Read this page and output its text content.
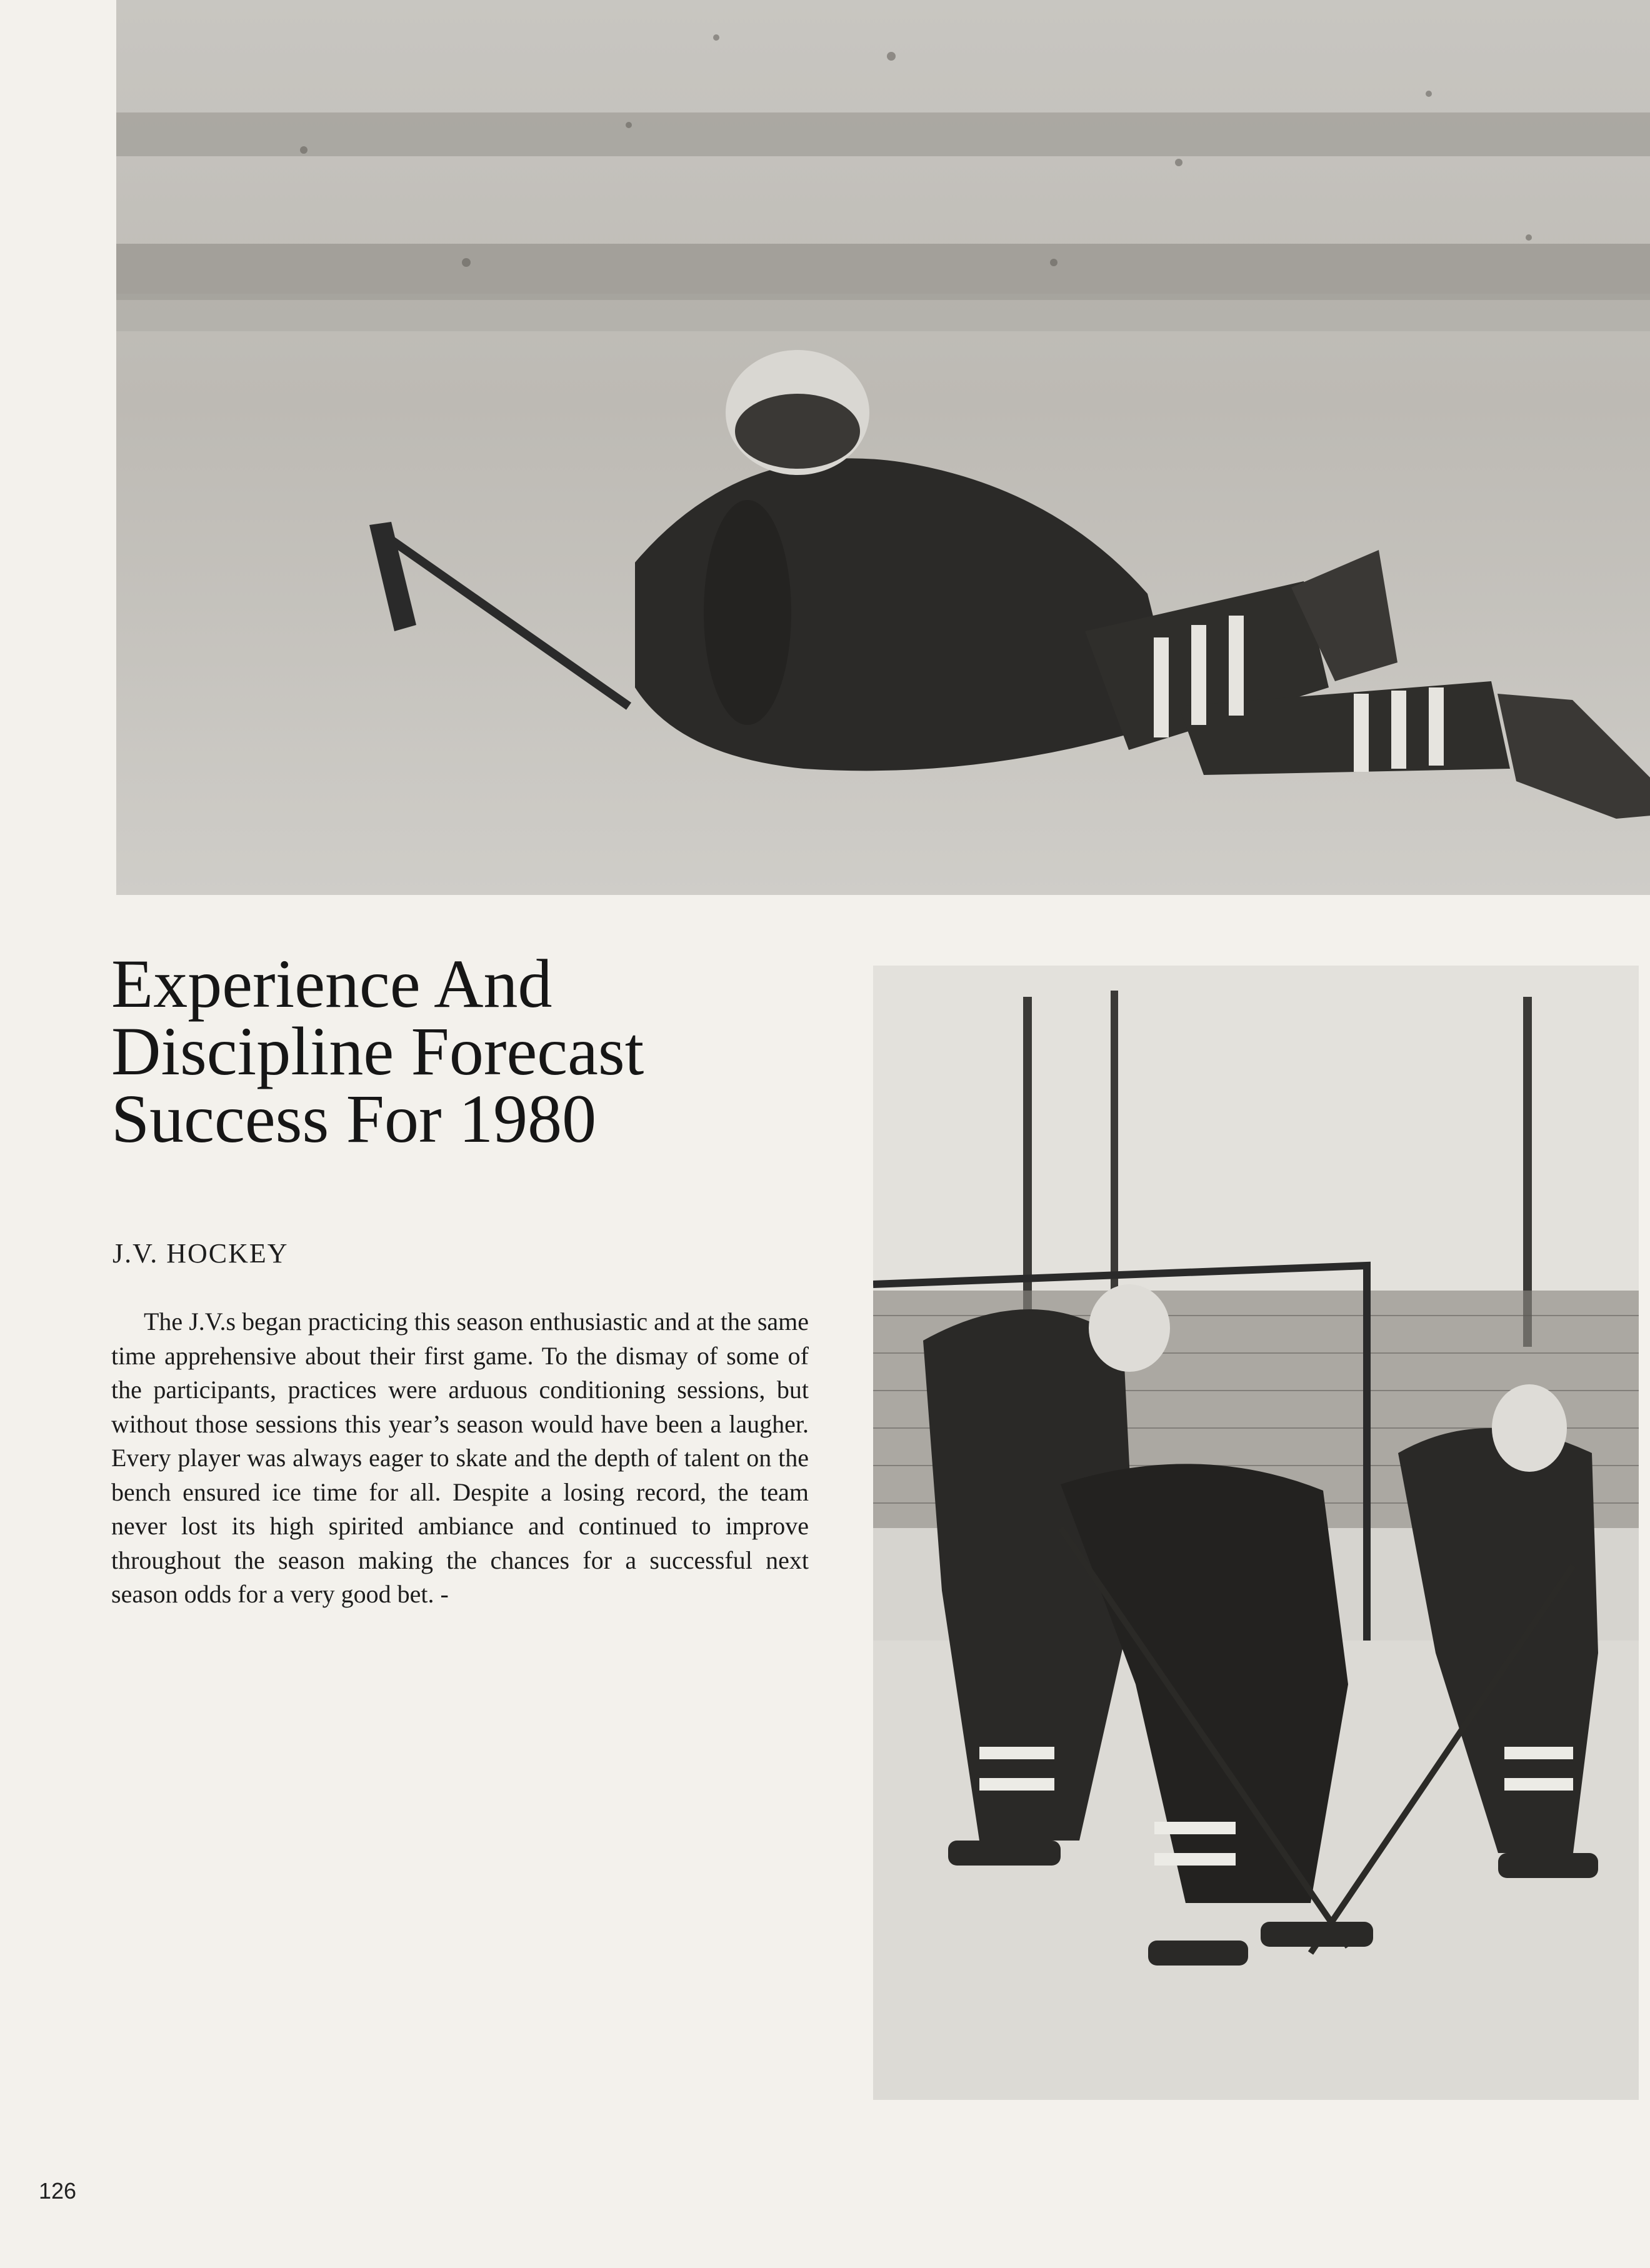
Experience And
Discipline Forecast
Success For 1980
J.V. HOCKEY

The J.V.s began practicing this season enthusiastic and at the same time apprehensive about their first game. To the dismay of some of the participants, practices were arduous conditioning sessions, but without those sessions this year’s season would have been a laugher. Every player was always eager to skate and the depth of talent on the bench ensured ice time for all. Despite a losing record, the team never lost its high spirited ambiance and continued to improve throughout the season making the chances for a successful next season odds for a very good bet. -

126
